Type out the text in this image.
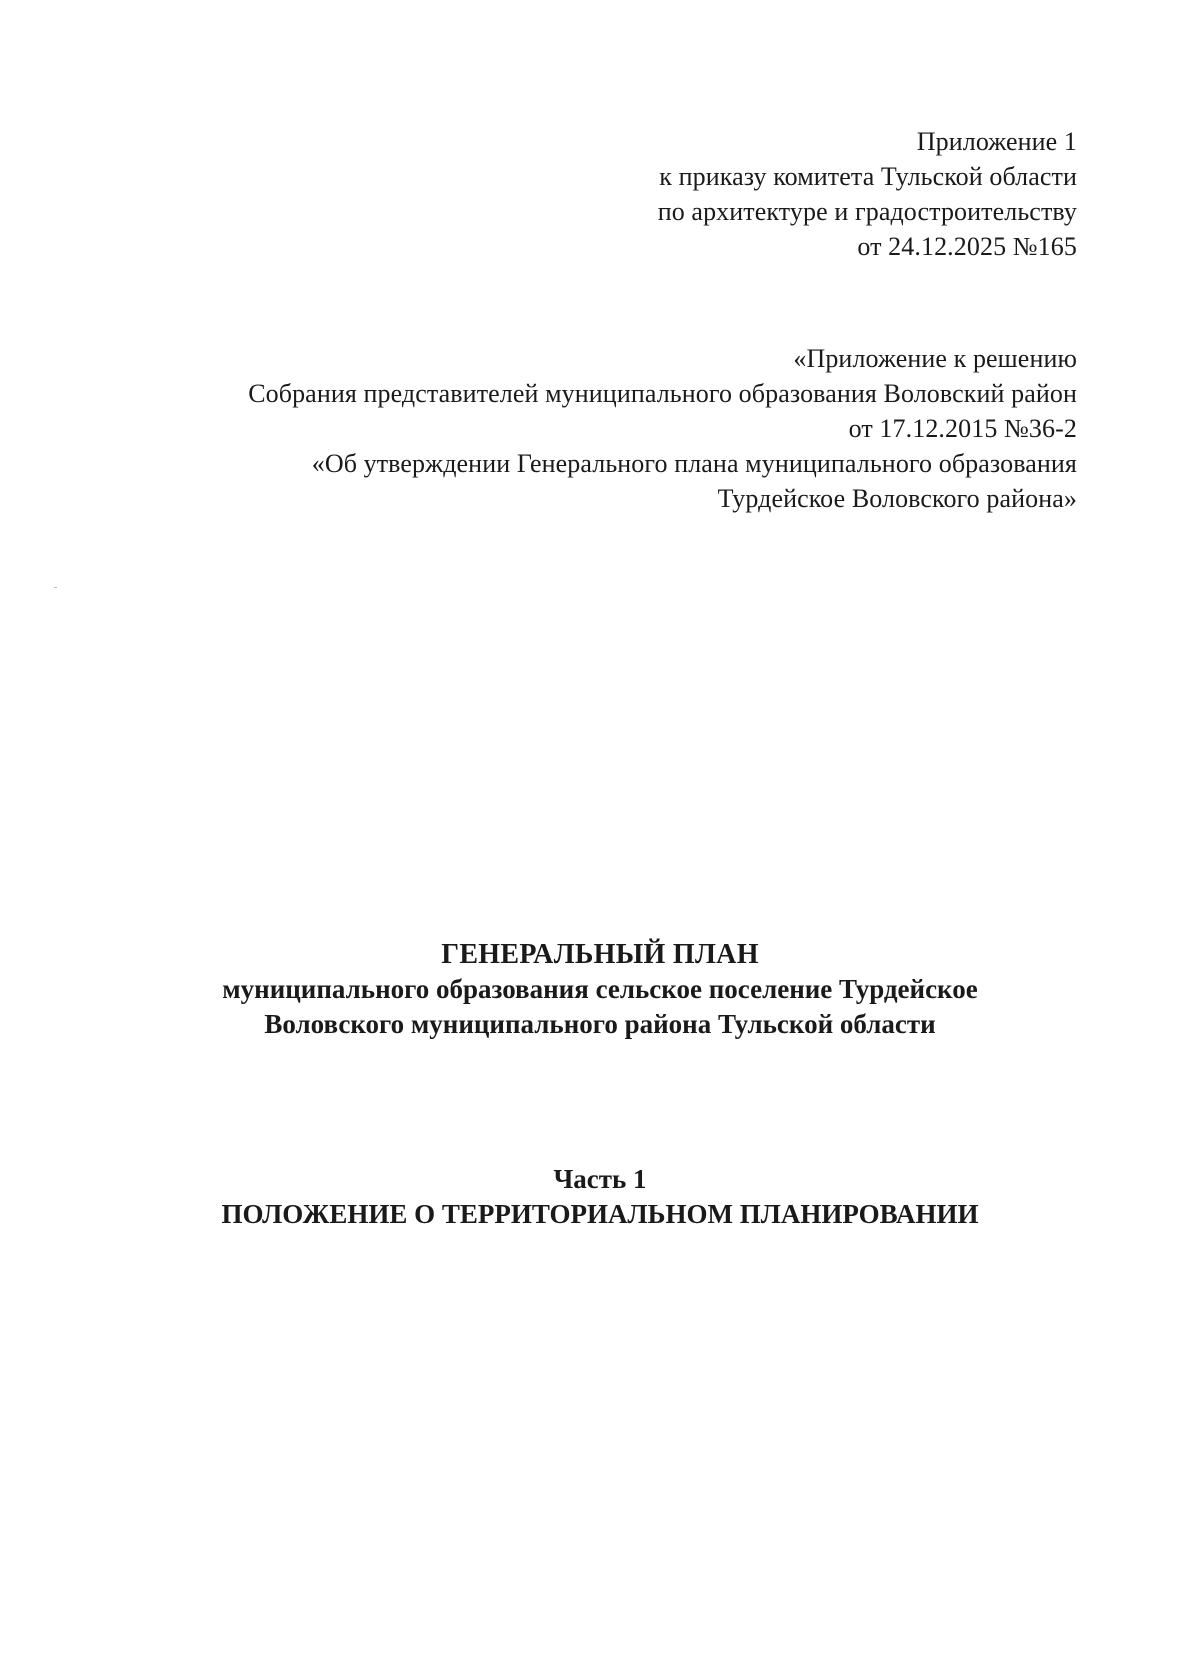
Приложение 1
к приказу комитета Тульской области
по архитектуре и градостроительству
от 24.12.2025 №165
«Приложение к решению
Собрания представителей муниципального образования Воловский район
от 17.12.2015 №36-2
«Об утверждении Генерального плана муниципального образования
Турдейское Воловского района»
ГЕНЕРАЛЬНЫЙ ПЛАН
муниципального образования сельское поселение Турдейское
Воловского муниципального района Тульской области
Часть 1
ПОЛОЖЕНИЕ О ТЕРРИТОРИАЛЬНОМ ПЛАНИРОВАНИИ
